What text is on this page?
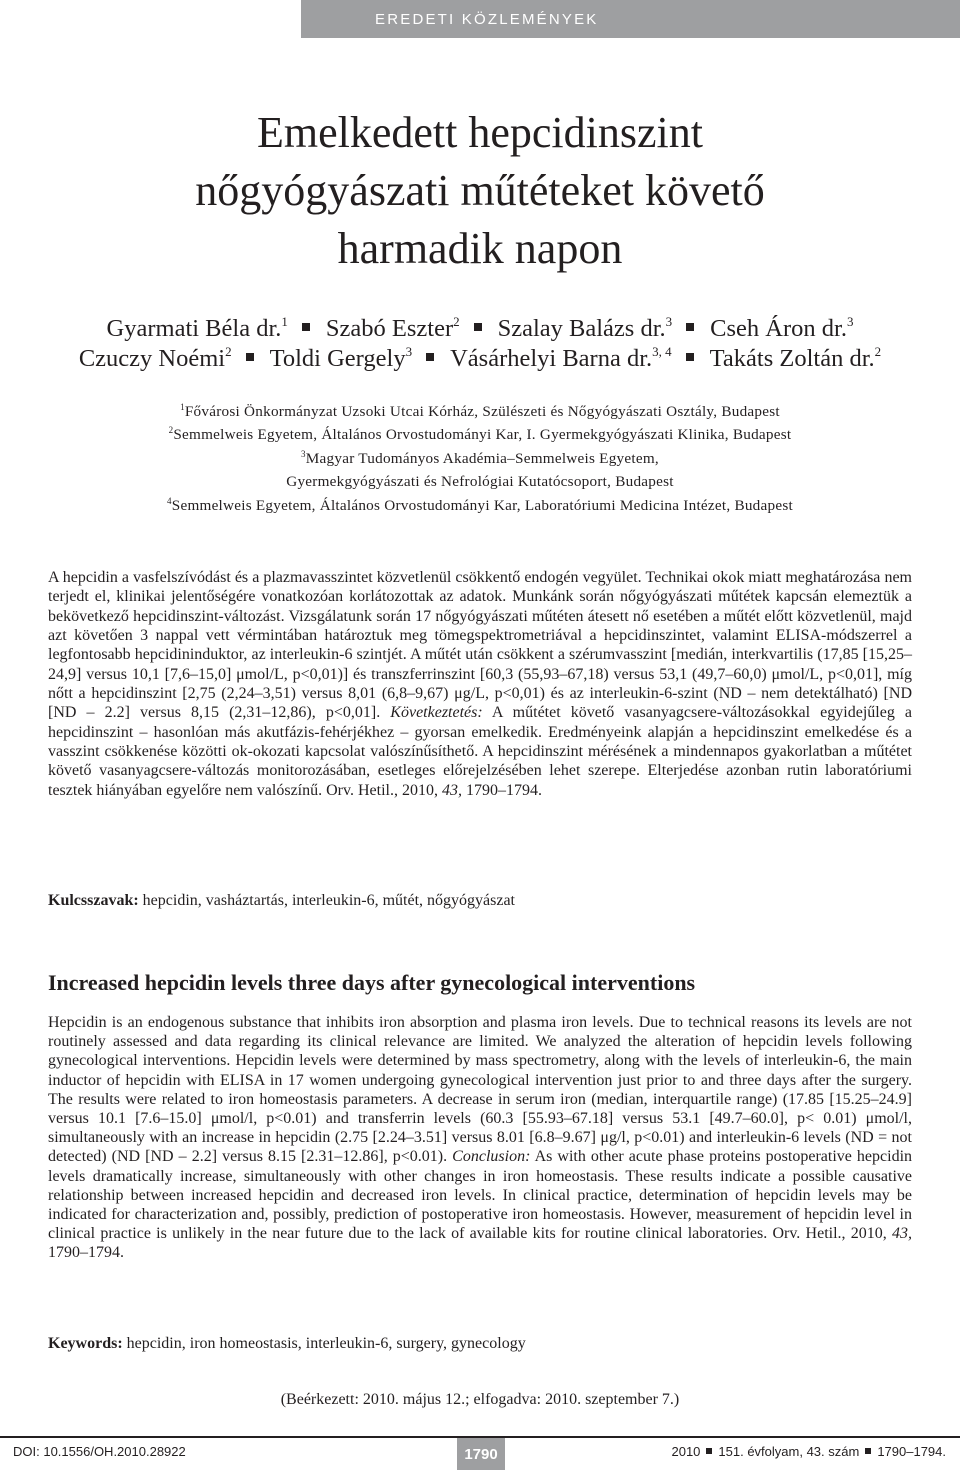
EREDETI KÖZLEMÉNYEK
Emelkedett hepcidinszint
nőgyógyászati műtéteket követő
harmadik napon
Gyarmati Béla dr.$^1$ Szabó Eszter$^2$ Szalay Balázs dr.$^3$ Cseh Áron dr.$^3$
Czuczy Noémi$^2$ Toldi Gergely$^3$ Vásárhelyi Barna dr.$^{3, 4}$ Takáts Zoltán dr.$^2$
$^1$Fővárosi Önkormányzat Uzsoki Utcai Kórház, Szülészeti és Nőgyógyászati Osztály, Budapest
$^2$Semmelweis Egyetem, Általános Orvostudományi Kar, I. Gyermekgyógyászati Klinika, Budapest
$^3$Magyar Tudományos Akadémia–Semmelweis Egyetem,
Gyermekgyógyászati és Nefrológiai Kutatócsoport, Budapest
$^4$Semmelweis Egyetem, Általános Orvostudományi Kar, Laboratóriumi Medicina Intézet, Budapest

A hepcidin a vasfelszívódást és a plazmavasszintet közvetlenül csökkentő endogén vegyület. Technikai okok miatt meghatározása nem terjedt el, klinikai jelentőségére vonatkozóan korlátozottak az adatok. Munkánk során nőgyógyászati műtétek kapcsán elemeztük a bekövetkező hepcidinszint-változást. Vizsgálatunk során 17 nőgyógyászati műtéten átesett nő esetében a műtét előtt közvetlenül, majd azt követően 3 nappal vett vérmintában határoztuk meg tömegspektrometriával a hepcidinszintet, valamint ELISA-módszerrel a legfontosabb hepcidininduktor, az interleukin-6 szintjét. A műtét után csökkent a szérumvasszint [medián, interkvartilis (17,85 [15,25–24,9] versus 10,1 [7,6–15,0] μmol/L, p<0,01)] és transzferrinszint [60,3 (55,93–67,18) versus 53,1 (49,7–60,0) μmol/L, p<0,01], míg nőtt a hepcidinszint [2,75 (2,24–3,51) versus 8,01 (6,8–9,67) μg/L, p<0,01) és az interleukin-6-szint (ND – nem detektálható) [ND [ND – 2.2] versus 8,15 (2,31–12,86), p<0,01]. Következtetés: A műtétet követő vasanyagcsere-változásokkal egyidejűleg a hepcidinszint – hasonlóan más akutfázis-fehérjékhez – gyorsan emelkedik. Eredményeink alapján a hepcidinszint emelkedése és a vasszint csökkenése közötti ok-okozati kapcsolat valószínűsíthető. A hepcidinszint mérésének a mindennapos gyakorlatban a műtétet követő vasanyagcsere-változás monitorozásában, esetleges előrejelzésében lehet szerepe. Elterjedése azonban rutin laboratóriumi tesztek hiányában egyelőre nem valószínű. Orv. Hetil., 2010, 43, 1790–1794.

Kulcsszavak: hepcidin, vasháztartás, interleukin-6, műtét, nőgyógyászat
Increased hepcidin levels three days after gynecological interventions

Hepcidin is an endogenous substance that inhibits iron absorption and plasma iron levels. Due to technical reasons its levels are not routinely assessed and data regarding its clinical relevance are limited. We analyzed the alteration of hepcidin levels following gynecological interventions. Hepcidin levels were determined by mass spectrometry, along with the levels of interleukin-6, the main inductor of hepcidin with ELISA in 17 women undergoing gynecological intervention just prior to and three days after the surgery. The results were related to iron homeostasis parameters. A decrease in serum iron (median, interquartile range) (17.85 [15.25–24.9] versus 10.1 [7.6–15.0] μmol/l, p<0.01) and transferrin levels (60.3 [55.93–67.18] versus 53.1 [49.7–60.0], p< 0.01) μmol/l, simultaneously with an increase in hepcidin (2.75 [2.24–3.51] versus 8.01 [6.8–9.67] μg/l, p<0.01) and interleukin-6 levels (ND = not detected) (ND [ND – 2.2] versus 8.15 [2.31–12.86], p<0.01). Conclusion: As with other acute phase proteins postoperative hepcidin levels dramatically increase, simultaneously with other changes in iron homeostasis. These results indicate a possible causative relationship between increased hepcidin and decreased iron levels. In clinical practice, determination of hepcidin levels may be indicated for characterization and, possibly, prediction of postoperative iron homeostasis. However, measurement of hepcidin level in clinical practice is unlikely in the near future due to the lack of available kits for routine clinical laboratories. Orv. Hetil., 2010, 43, 1790–1794.

Keywords: hepcidin, iron homeostasis, interleukin-6, surgery, gynecology
(Beérkezett: 2010. május 12.; elfogadva: 2010. szeptember 7.)
DOI: 10.1556/OH.2010.28922	1790	2010 151. évfolyam, 43. szám 1790–1794.
